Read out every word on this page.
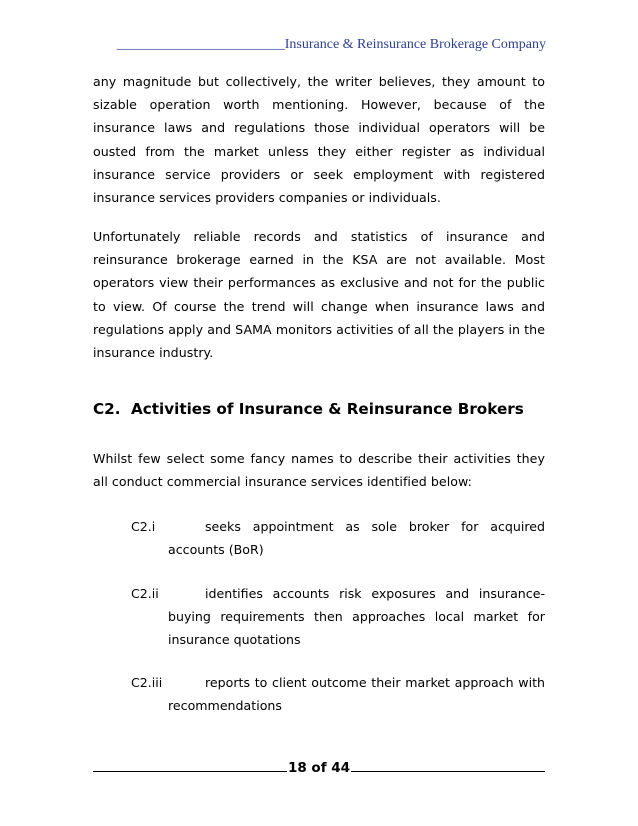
________________________Insurance & Reinsurance Brokerage Company
any magnitude but collectively, the writer believes, they amount to sizable operation worth mentioning. However, because of the insurance laws and regulations those individual operators will be ousted from the market unless they either register as individual insurance service providers or seek employment with registered insurance services providers companies or individuals.
Unfortunately reliable records and statistics of insurance and reinsurance brokerage earned in the KSA are not available. Most operators view their performances as exclusive and not for the public to view. Of course the trend will change when insurance laws and regulations apply and SAMA monitors activities of all the players in the insurance industry.
C2. Activities of Insurance & Reinsurance Brokers
Whilst few select some fancy names to describe their activities they all conduct commercial insurance services identified below:
C2.i	seeks appointment as sole broker for acquired accounts (BoR)
C2.ii	identifies accounts risk exposures and insurance-buying requirements then approaches local market for insurance quotations
C2.iii	reports to client outcome their market approach with recommendations
18 of 44
